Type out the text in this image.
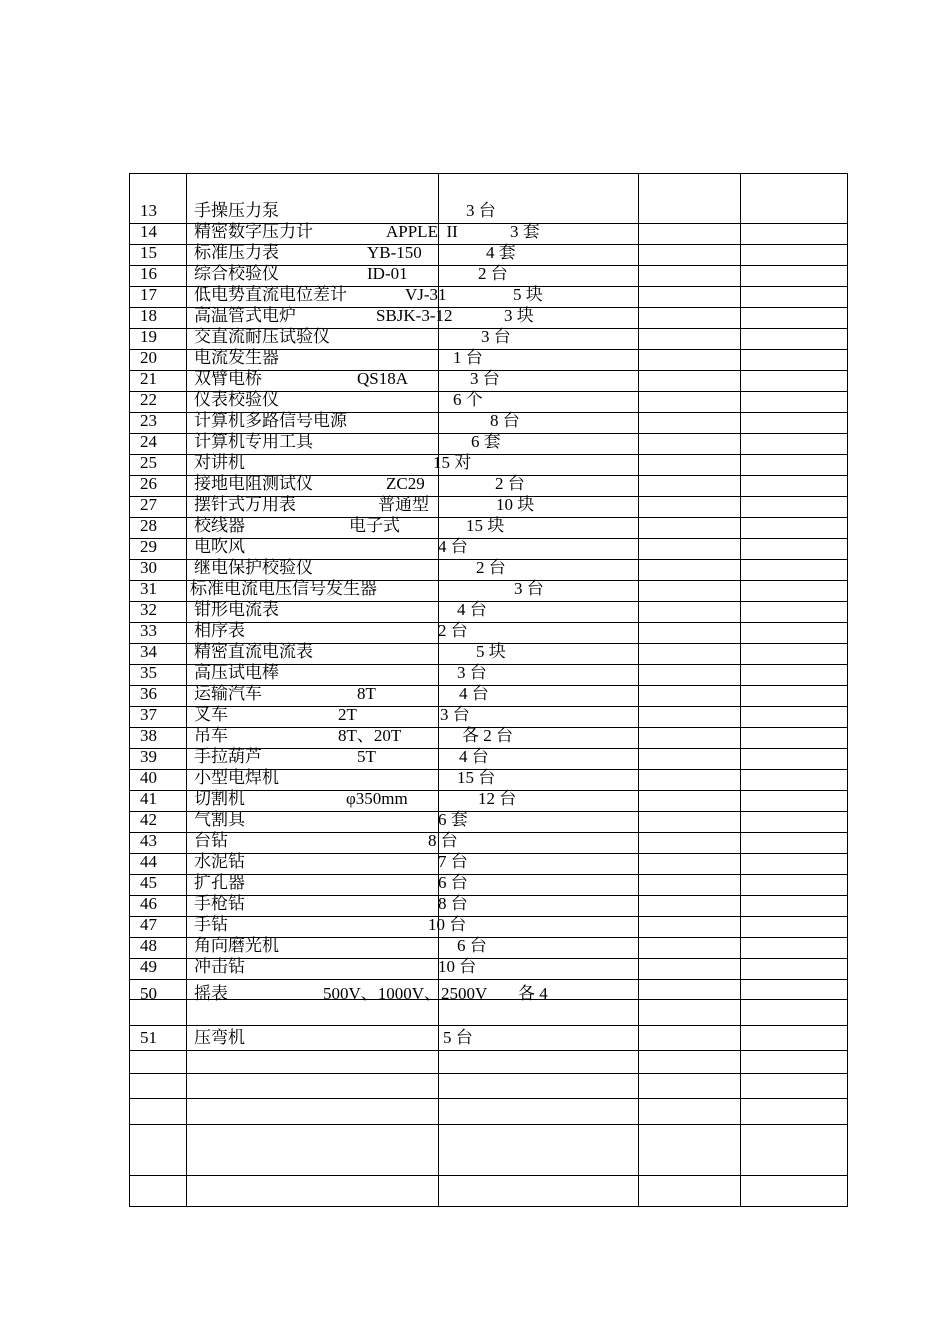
13 手操压力泵	3 台
14 精密数字压力计	APPLE  II	3 套
15 标准压力表	YB-150	4 套
16 综合校验仪	ID-01	2 台
17 低电势直流电位差计	VJ-31	5 块
18 高温管式电炉	SBJK-3-12	3 块
19 交直流耐压试验仪	3 台
20 电流发生器	1 台
21 双臂电桥	QS18A	3 台
22 仪表校验仪	6 个
23 计算机多路信号电源	8 台
24 计算机专用工具	6 套
25 对讲机	15 对
26 接地电阻测试仪	ZC29	2 台
27 摆针式万用表	普通型	10 块
28 校线器	电子式	15 块
29 电吹风	4 台
30 继电保护校验仪	2 台
31 标准电流电压信号发生器	3 台
32 钳形电流表	4 台
33 相序表	2 台
34 精密直流电流表	5 块
35 高压试电棒	3 台
36 运输汽车	8T	4 台
37 叉车	2T	3 台
38 吊车	8T、20T	各 2 台
39 手拉葫芦	5T	4 台
40 小型电焊机	15 台
41 切割机	φ350mm	12 台
42 气割具	6 套
43 台钻	8 台
44 水泥钻	7 台
45 扩孔器	6 台
46 手枪钻	8 台
47 手钻	10 台
48 角向磨光机	6 台
49 冲击钻	10 台
50 摇表	500V、1000V、2500V 各 4
51 压弯机	5 台
